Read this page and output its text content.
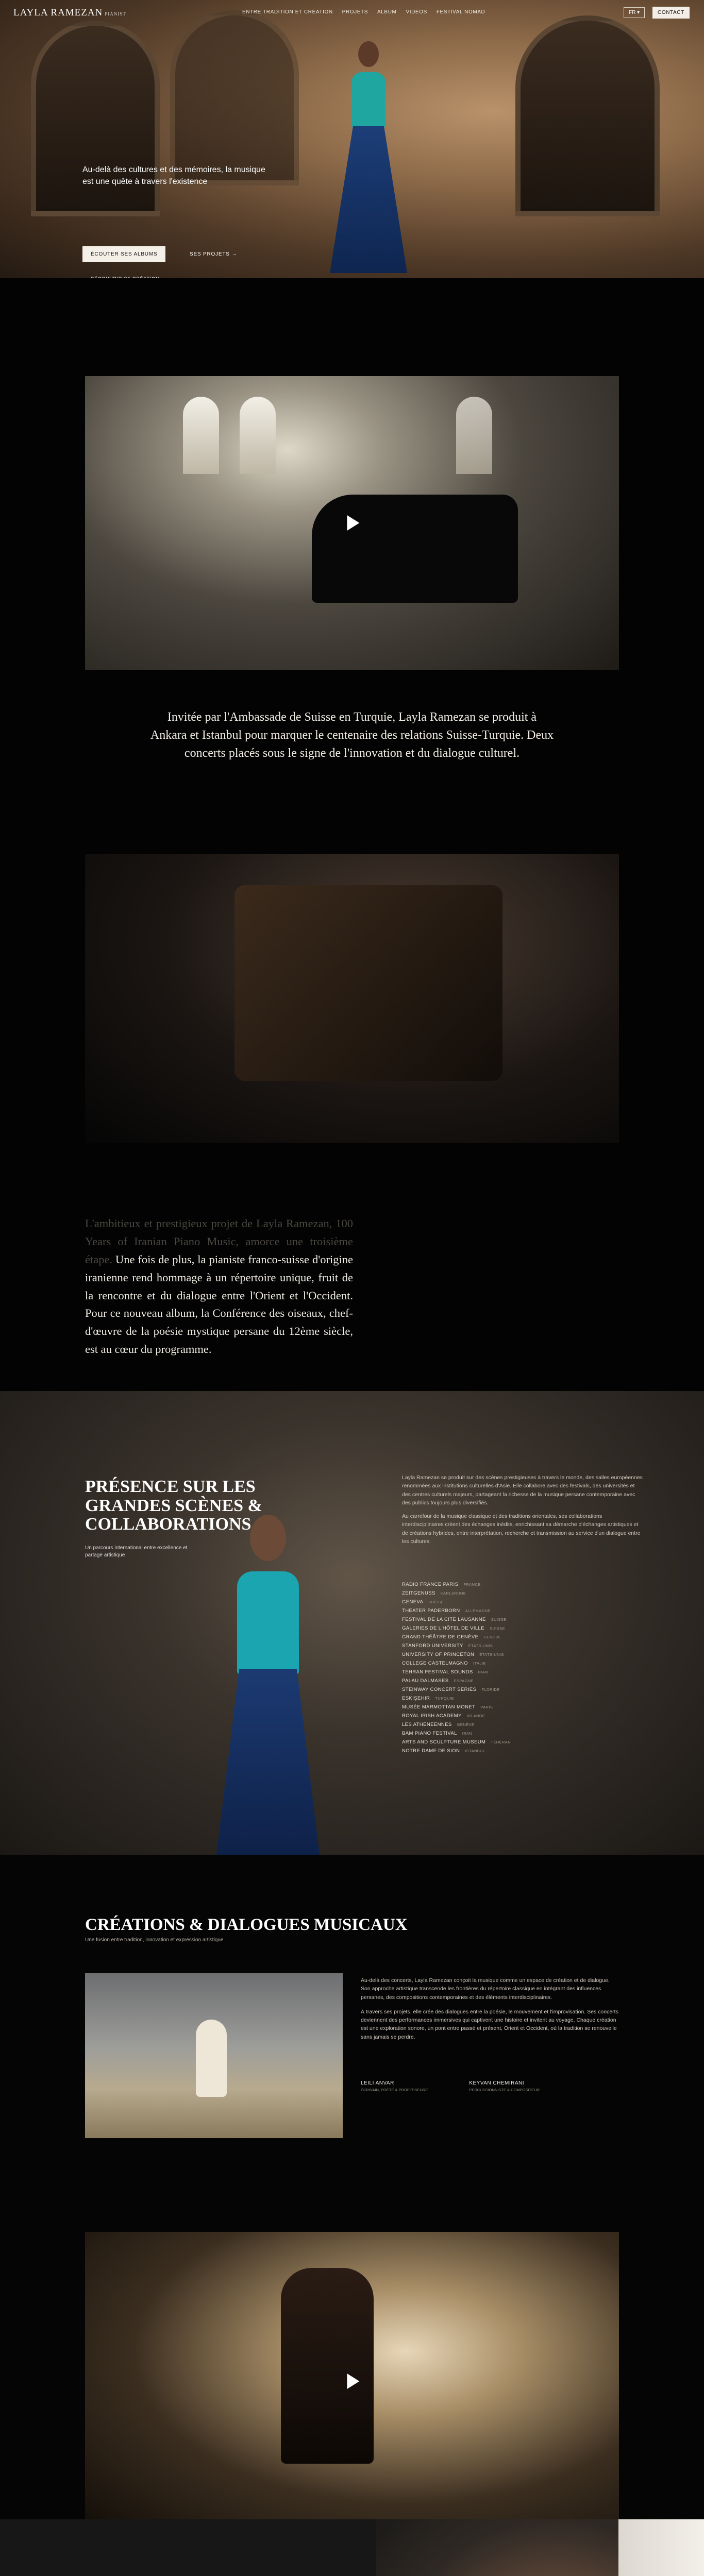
LAYLA RAMEZAN PIANIST	ENTRE TRADITION ET CRÉATION PROJETS ALBUM VIDÉOS FESTIVAL NOMAD	FR ▾	CONTACT

Au-delà des cultures et des mémoires, la musique est une quête à travers l'existence

ÉCOUTER SES ALBUMS	SES PROJETS →

Invitée par l'Ambassade de Suisse en Turquie, Layla Ramezan se produit à Ankara et Istanbul pour marquer le centenaire des relations Suisse-Turquie. Deux concerts placés sous le signe de l'innovation et du dialogue culturel.

L'ambitieux et prestigieux projet de Layla Ramezan, 100 Years of Iranian Piano Music, amorce une troisième étape. Une fois de plus, la pianiste franco-suisse d'origine iranienne rend hommage à un répertoire unique, fruit de la rencontre et du dialogue entre l'Orient et l'Occident. Pour ce nouveau album, la Conférence des oiseaux, chef-d'œuvre de la poésie mystique persane du 12ème siècle, est au cœur du programme.

PRÉSENCE SUR LES GRANDES SCÈNES & COLLABORATIONS

Un parcours international entre excellence et partage artistique

Layla Ramezan se produit sur des scènes prestigieuses à travers le monde, des salles européennes renommées aux institutions culturelles d'Asie. Elle collabore avec des festivals, des universités et des centres culturels majeurs, partageant la richesse de la musique persane contemporaine avec des publics toujours plus diversifiés.

Au carrefour de la musique classique et des traditions orientales, ses collaborations interdisciplinaires créent des échanges inédits, enrichissant sa démarche d'échanges artistiques et de créations hybrides, entre interprétation, recherche et transmission au service d'un dialogue entre les cultures.

RADIO FRANCE PARIS FRANCE
ZEITGENUSS KARLSRUHE
GENEVA SUISSE
THEATER PADERBORN ALLEMAGNE
FESTIVAL DE LA CITÉ LAUSANNE SUISSE
GALERIES DE L'HÔTEL DE VILLE SUISSE
GRAND THÉÂTRE DE GENÈVE GENÈVE
STANFORD UNIVERSITY ÉTATS-UNIS
UNIVERSITY OF PRINCETON ÉTATS-UNIS
COLLEGE CASTELMAGNO ITALIE
TEHRAN FESTIVAL SOUNDS IRAN
PALAU DALMASES ESPAGNE
STEINWAY CONCERT SERIES FLORIDE
ESKIŞEHIR TURQUIE
MUSÉE MARMOTTAN MONET PARIS
ROYAL IRISH ACADEMY IRLANDE
LES ATHÉNÉENNES GENÈVE
BAM PIANO FESTIVAL IRAN
ARTS AND SCULPTURE MUSEUM TÉHÉRAN
NOTRE DAME DE SION ISTANBUL
CRÉATIONS & DIALOGUES MUSICAUX

Une fusion entre tradition, innovation et expression artistique

Au-delà des concerts, Layla Ramezan conçoit la musique comme un espace de création et de dialogue. Son approche artistique transcende les frontières du répertoire classique en intégrant des influences persanes, des compositions contemporaines et des éléments interdisciplinaires.

À travers ses projets, elle crée des dialogues entre la poésie, le mouvement et l'improvisation. Ses concerts deviennent des performances immersives qui captivent une histoire et invitent au voyage. Chaque création est une exploration sonore, un pont entre passé et présent, Orient et Occident, où la tradition se renouvelle sans jamais se perdre.

LEILI ANVAR
ÉCRIVAIN, POÈTE & PROFESSEURE
KEYVAN CHEMIRANI
PERCUSSIONNISTE & COMPOSITEUR
